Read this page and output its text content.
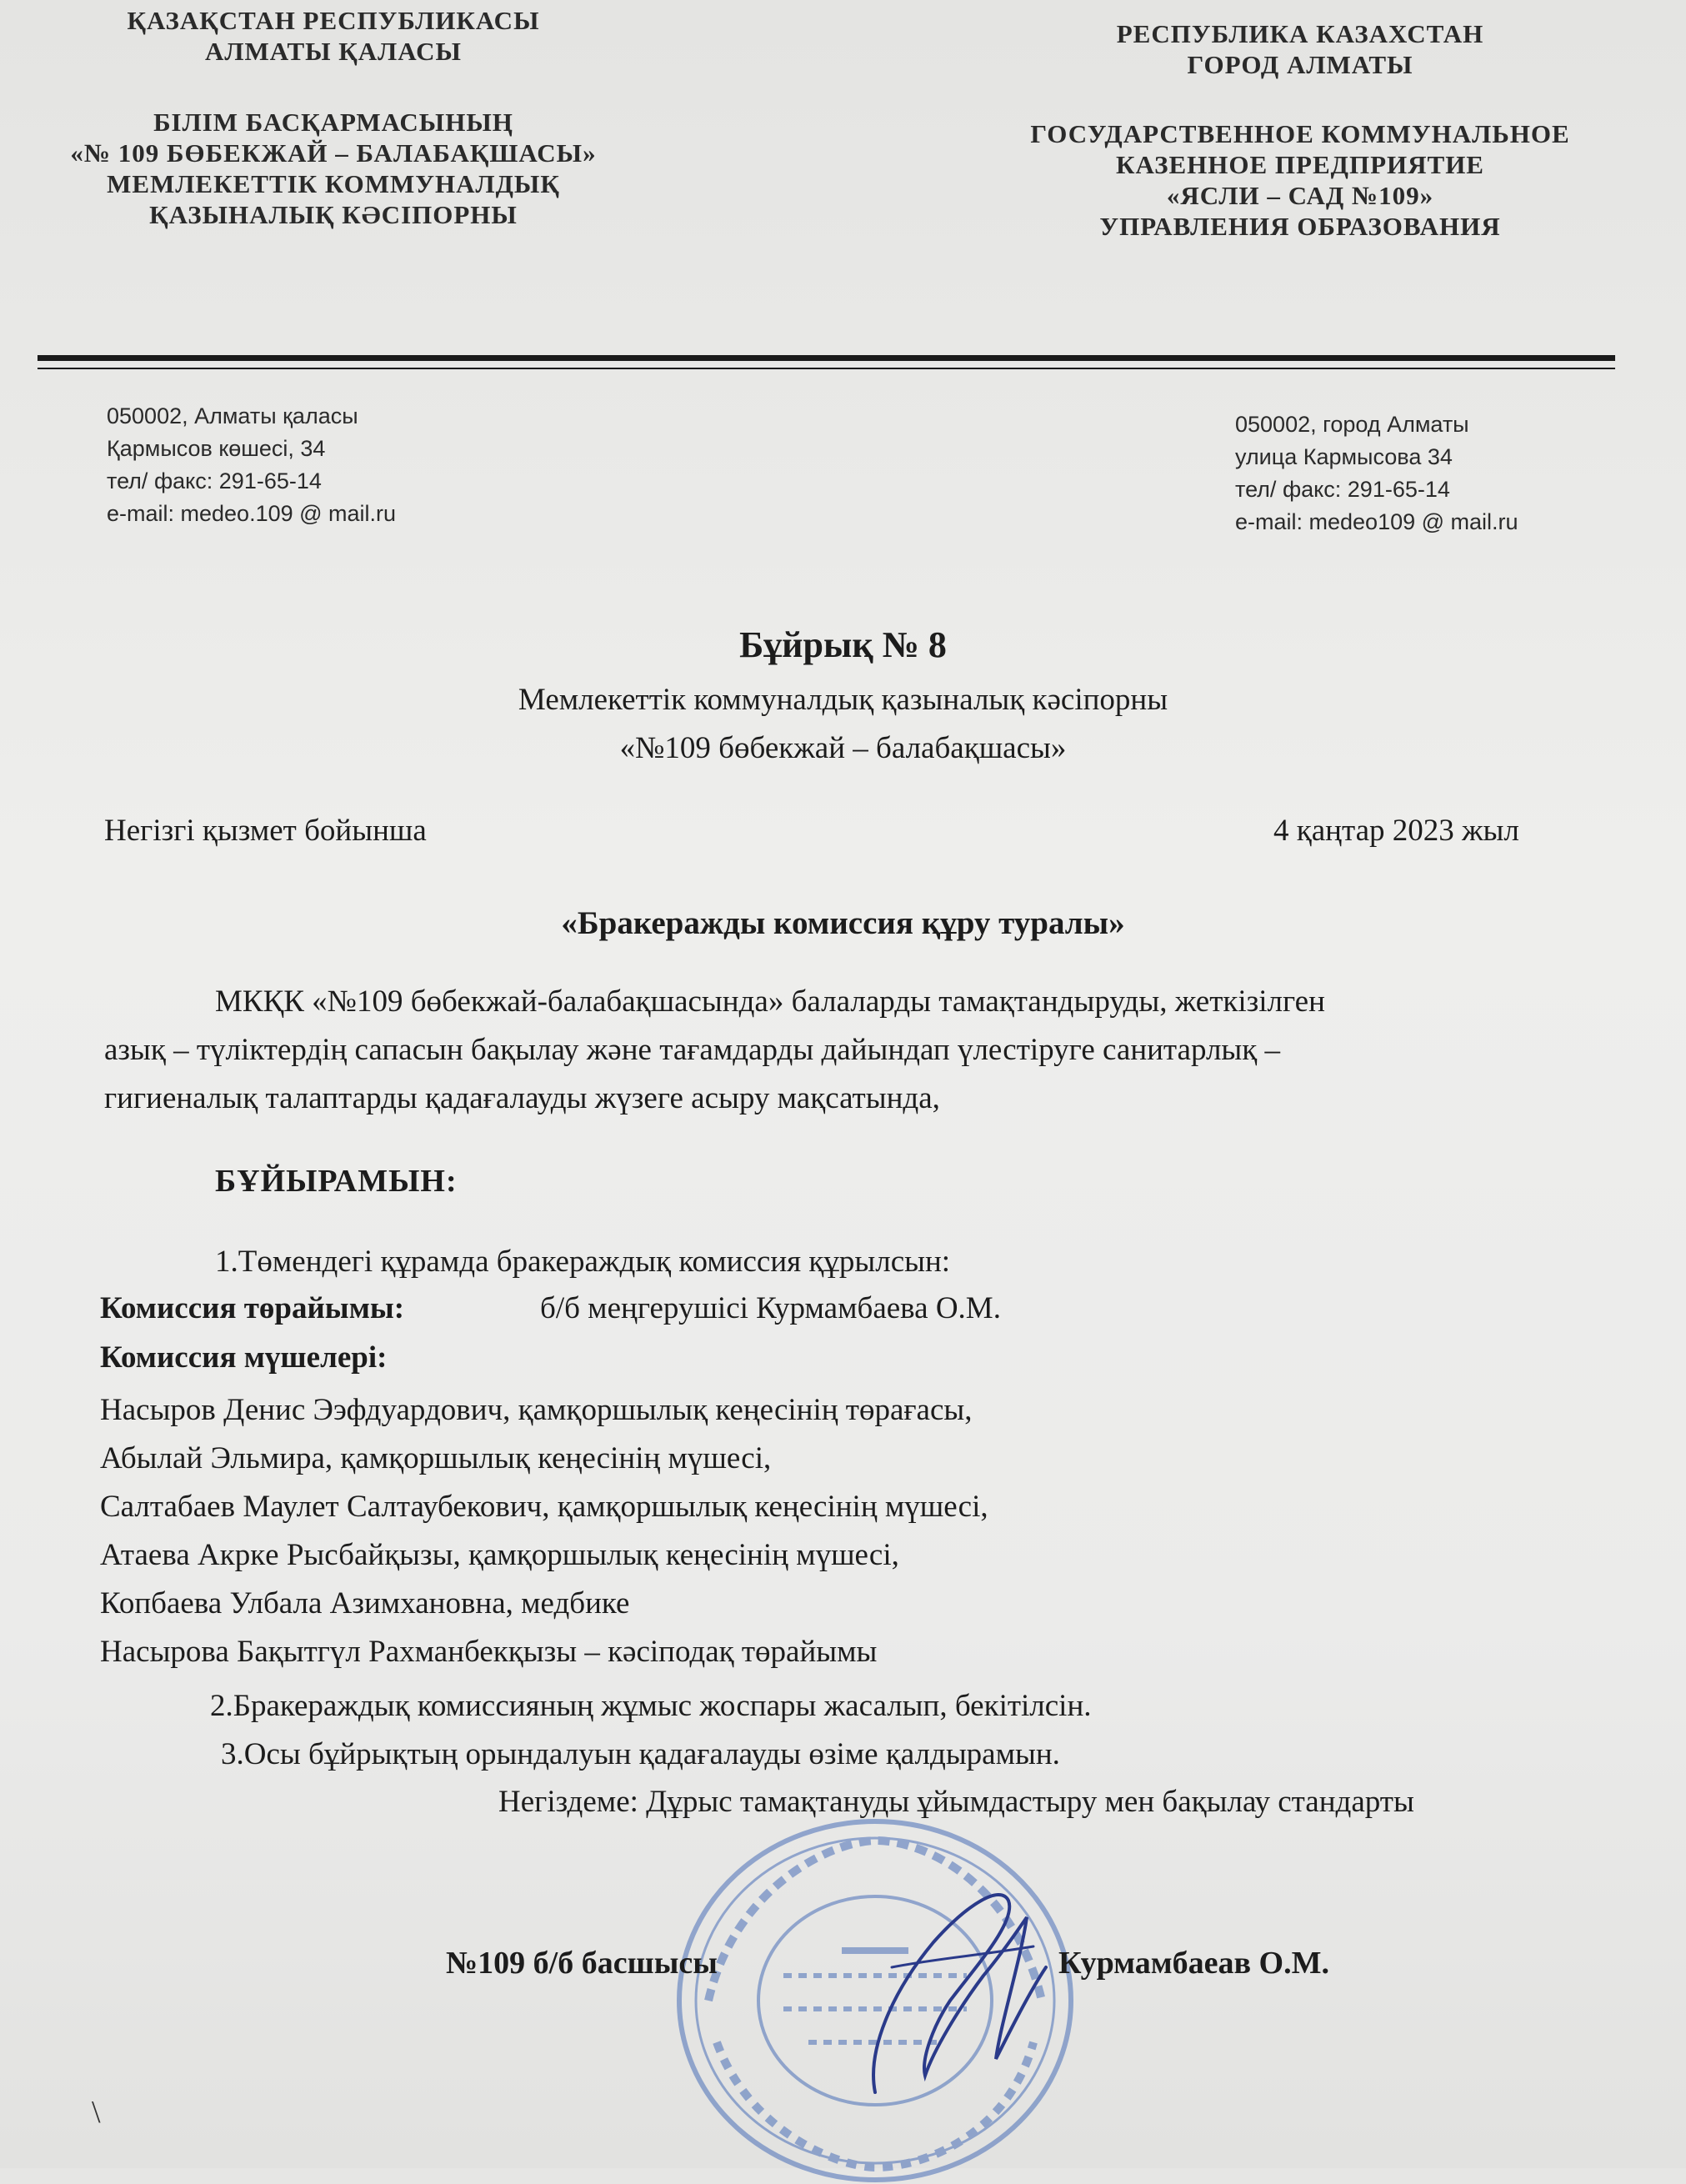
ҚАЗАҚСТАН РЕСПУБЛИКАСЫ
АЛМАТЫ ҚАЛАСЫ
БІЛІМ БАСҚАРМАСЫНЫҢ
«№ 109 БӨБЕКЖАЙ – БАЛАБАҚШАСЫ»
МЕМЛЕКЕТТІК КОММУНАЛДЫҚ
ҚАЗЫНАЛЫҚ КӘСІПОРНЫ
РЕСПУБЛИКА КАЗАХСТАН
ГОРОД АЛМАТЫ
ГОСУДАРСТВЕННОЕ КОММУНАЛЬНОЕ
КАЗЕННОЕ ПРЕДПРИЯТИЕ
«ЯСЛИ – САД №109»
УПРАВЛЕНИЯ ОБРАЗОВАНИЯ
050002, Алматы қаласы
Қармысов көшесі, 34
тел/ факс: 291-65-14
e-mail: medeo.109 @ mail.ru
050002, город Алматы
улица Кармысова 34
тел/ факс: 291-65-14
e-mail: medeo109 @ mail.ru
Бұйрық № 8
Мемлекеттік коммуналдық қазыналық кәсіпорны
«№109 бөбекжай – балабақшасы»
Негізгі қызмет бойынша	4 қаңтар 2023 жыл
«Бракеражды комиссия құру туралы»
МКҚК «№109 бөбекжай-балабақшасында» балаларды тамақтандыруды, жеткізілген
азық – түліктердің сапасын бақылау және тағамдарды дайындап үлестіруге санитарлық –
гигиеналық талаптарды қадағалауды жүзеге асыру мақсатында,
БҰЙЫРАМЫН:
1.Төмендегі құрамда бракераждық комиссия құрылсын:
Комиссия төрайымы:	б/б меңгерушісі Курмамбаева О.М.
Комиссия мүшелері:
Насыров Денис Ээфдуардович, қамқоршылық кеңесінің төрағасы,
Абылай Эльмира, қамқоршылық кеңесінің мүшесі,
Салтабаев Маулет Салтаубекович, қамқоршылық кеңесінің мүшесі,
Атаева Акркe Рысбайқызы, қамқоршылық кеңесінің мүшесі,
Копбаева Улбала Азимхановна, медбике
Насырова Бақытгүл Рахманбекқызы – кәсіподақ төрайымы
2.Бракераждық комиссияның жұмыс жоспары жасалып, бекітілсін.
3.Осы бұйрықтың орындалуын қадағалауды өзіме қалдырамын.
Негіздеме: Дұрыс тамақтануды ұйымдастыру мен бақылау стандарты
№109 б/б басшысы	Курмамбаеав О.М.
\
